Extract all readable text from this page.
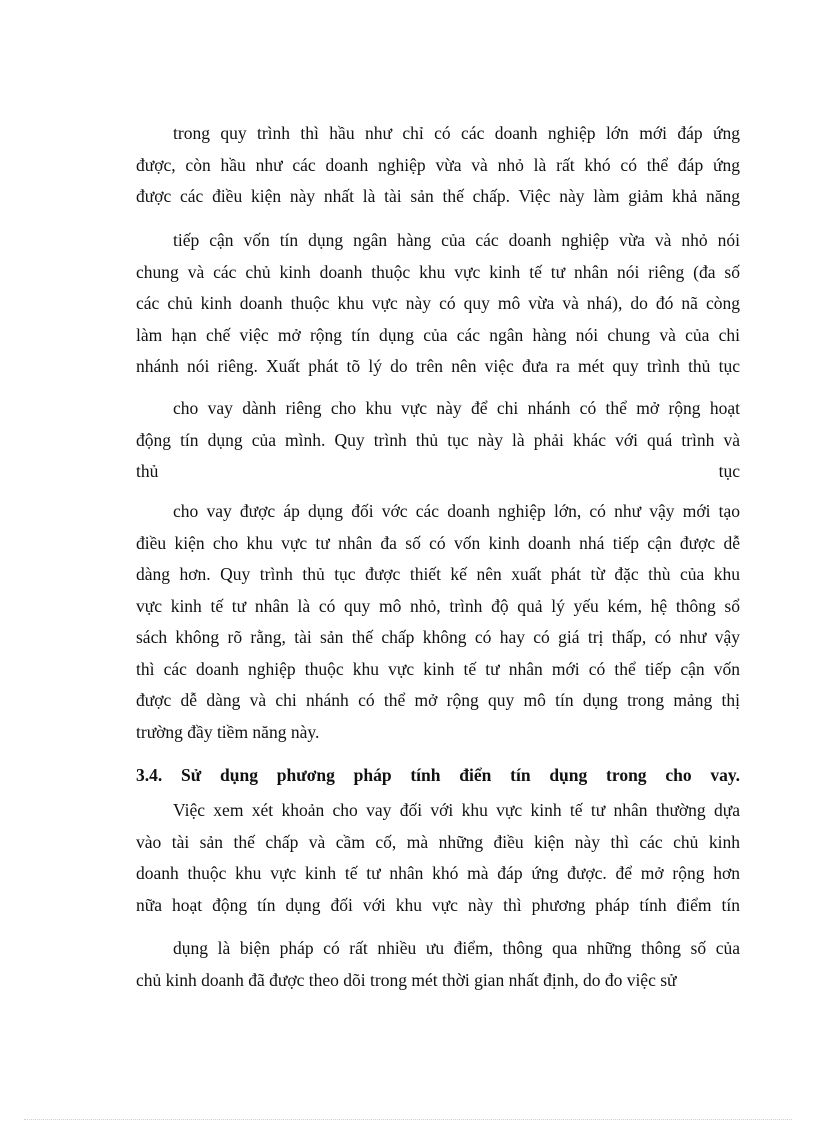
trong quy trình thì hầu như chỉ có các doanh nghiệp lớn mới đáp ứng
được, còn hầu như các doanh nghiệp vừa và nhỏ là rất khó có thể đáp ứng
được các điều kiện này nhất là tài sản thế chấp. Việc này làm giảm khả năng
tiếp cận vốn tín dụng ngân hàng của các doanh nghiệp vừa và nhỏ nói
chung và các chủ kinh doanh thuộc khu vực kinh tế tư nhân nói riêng (đa số
các chủ kinh doanh thuộc khu vực này có quy mô vừa và nhá), do đó nã còng
làm hạn chế việc mở rộng tín dụng của các ngân hàng nói chung và của chi
nhánh nói riêng. Xuất phát tõ lý do trên nên việc đưa ra mét quy trình thủ tục
cho vay dành riêng cho khu vực này để chi nhánh có thể mở rộng hoạt
động tín dụng của mình. Quy trình thủ tục này là phải khác với quá trình và
thủ tục
cho vay được áp dụng đối vớc các doanh nghiệp lớn, có như vậy mới tạo
điều kiện cho khu vực tư nhân đa số có vốn kinh doanh nhá tiếp cận được dễ
dàng hơn. Quy trình thủ tục được thiết kế nên xuất phát từ đặc thù của khu
vực kinh tế tư nhân là có quy mô nhỏ, trình độ quả lý yếu kém, hệ thông sổ
sách không rõ rằng, tài sản thế chấp không có hay có giá trị thấp, có như vậy
thì các doanh nghiệp thuộc khu vực kinh tế tư nhân mới có thể tiếp cận vốn
được dễ dàng và chi nhánh có thể mở rộng quy mô tín dụng trong mảng thị
trường đầy tiềm năng này.
3.4. Sử dụng phương pháp tính điển tín dụng trong cho vay.
Việc xem xét khoản cho vay đối với khu vực kinh tế tư nhân thường dựa
vào tài sản thế chấp và cầm cố, mà những điều kiện này thì các chủ kinh
doanh thuộc khu vực kinh tế tư nhân khó mà đáp ứng được. để mở rộng hơn
nữa hoạt động tín dụng đối với khu vực này thì phương pháp tính điểm tín
dụng là biện pháp có rất nhiều ưu điểm, thông qua những thông số của
chủ kinh doanh đã được theo dõi trong mét thời gian nhất định, do đo việc sử
